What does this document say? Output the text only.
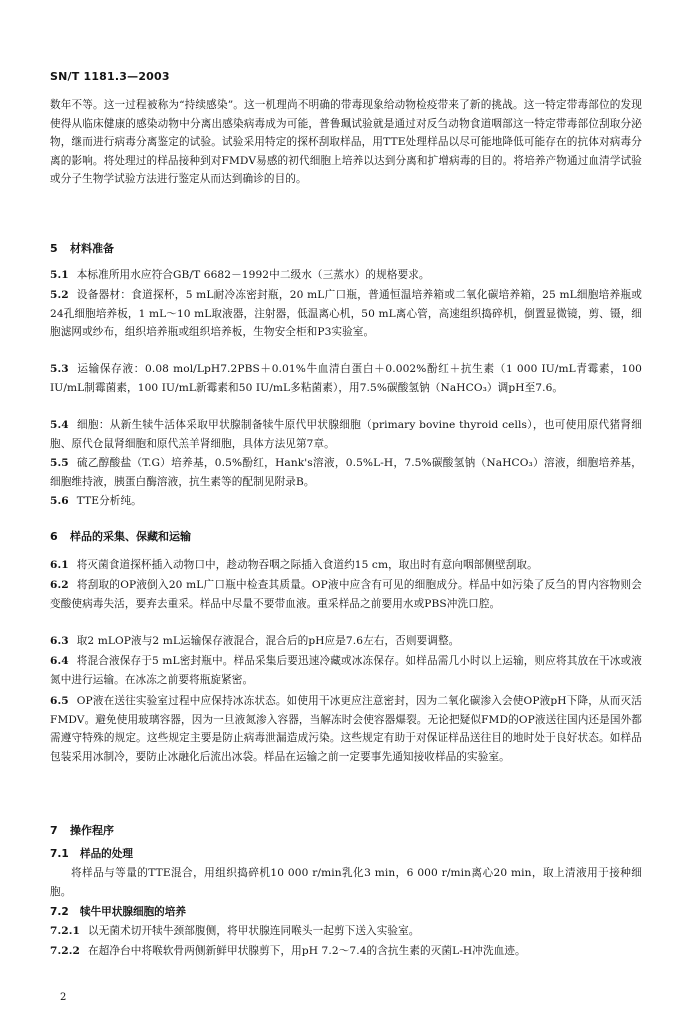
SN/T 1181.3—2003
数年不等。这一过程被称为“持续感染”。这一机理尚不明确的带毒现象给动物检疫带来了新的挑战。这一特定带毒部位的发现使得从临床健康的感染动物中分离出感染病毒成为可能，普鲁珮试验就是通过对反刍动物食道咽部这一特定带毒部位刮取分泌物，继而进行病毒分离鉴定的试验。试验采用特定的探杯刮取样品，用TTE处理样品以尽可能地降低可能存在的抗体对病毒分离的影响。将处理过的样品接种到对FMDV易感的初代细胞上培养以达到分离和扩增病毒的目的。将培养产物通过血清学试验或分子生物学试验方法进行鉴定从而达到确诊的目的。
5 材料准备
5.1 本标准所用水应符合GB/T 6682－1992中二级水（三蒸水）的规格要求。
5.2 设备器材：食道探杯，5 mL耐冷冻密封瓶，20 mL广口瓶，普通恒温培养箱或二氧化碳培养箱，25 mL细胞培养瓶或24孔细胞培养板，1 mL～10 mL取液器，注射器，低温离心机，50 mL离心管，高速组织捣碎机，倒置显微镜，剪、镊，细胞滤网或纱布，组织培养瓶或组织培养板，生物安全柜和P3实验室。
5.3 运输保存液：0.08 mol/LpH7.2PBS＋0.01%牛血清白蛋白＋0.002%酚红＋抗生素（1 000 IU/mL青霉素，100 IU/mL制霉菌素，100 IU/mL新霉素和50 IU/mL多粘菌素），用7.5%碳酸氢钠（NaHCO₃）调pH至7.6。
5.4 细胞：从新生犊牛活体采取甲状腺制备犊牛原代甲状腺细胞（primary bovine thyroid cells），也可使用原代猪肾细胞、原代仓鼠肾细胞和原代羔羊肾细胞，具体方法见第7章。
5.5 硫乙醇酸盐（T.G）培养基，0.5%酚红，Hank's溶液，0.5%L-H，7.5%碳酸氢钠（NaHCO₃）溶液，细胞培养基，细胞维持液，胰蛋白酶溶液，抗生素等的配制见附录B。
5.6 TTE分析纯。
6 样品的采集、保藏和运输
6.1 将灭菌食道探杯插入动物口中，趁动物吞咽之际插入食道约15 cm，取出时有意向咽部侧壁刮取。
6.2 将刮取的OP液倒入20 mL广口瓶中检查其质量。OP液中应含有可见的细胞成分。样品中如污染了反刍的胃内容物则会变酸使病毒失活，要弃去重采。样品中尽量不要带血液。重采样品之前要用水或PBS冲洗口腔。
6.3 取2 mLOP液与2 mL运输保存液混合，混合后的pH应是7.6左右，否则要调整。
6.4 将混合液保存于5 mL密封瓶中。样品采集后要迅速冷藏或冰冻保存。如样品需几小时以上运输，则应将其放在干冰或液氮中进行运输。在冰冻之前要将瓶旋紧密。
6.5 OP液在送往实验室过程中应保持冰冻状态。如使用干冰更应注意密封，因为二氧化碳渗入会使OP液pH下降，从而灭活FMDV。避免使用玻璃容器，因为一旦液氮渗入容器，当解冻时会使容器爆裂。无论把疑似FMD的OP液送往国内还是国外都需遵守特殊的规定。这些规定主要是防止病毒泄漏造成污染。这些规定有助于对保证样品送往目的地时处于良好状态。如样品包装采用冰制冷，要防止冰融化后流出冰袋。样品在运输之前一定要事先通知接收样品的实验室。
7 操作程序
7.1 样品的处理
将样品与等量的TTE混合，用组织捣碎机10 000 r/min乳化3 min，6 000 r/min离心20 min，取上清液用于接种细胞。
7.2 犊牛甲状腺细胞的培养
7.2.1 以无菌术切开犊牛颈部腹侧，将甲状腺连同喉头一起剪下送入实验室。
7.2.2 在超净台中将喉软骨两侧新鲜甲状腺剪下，用pH 7.2～7.4的含抗生素的灭菌L-H冲洗血迹。
2
